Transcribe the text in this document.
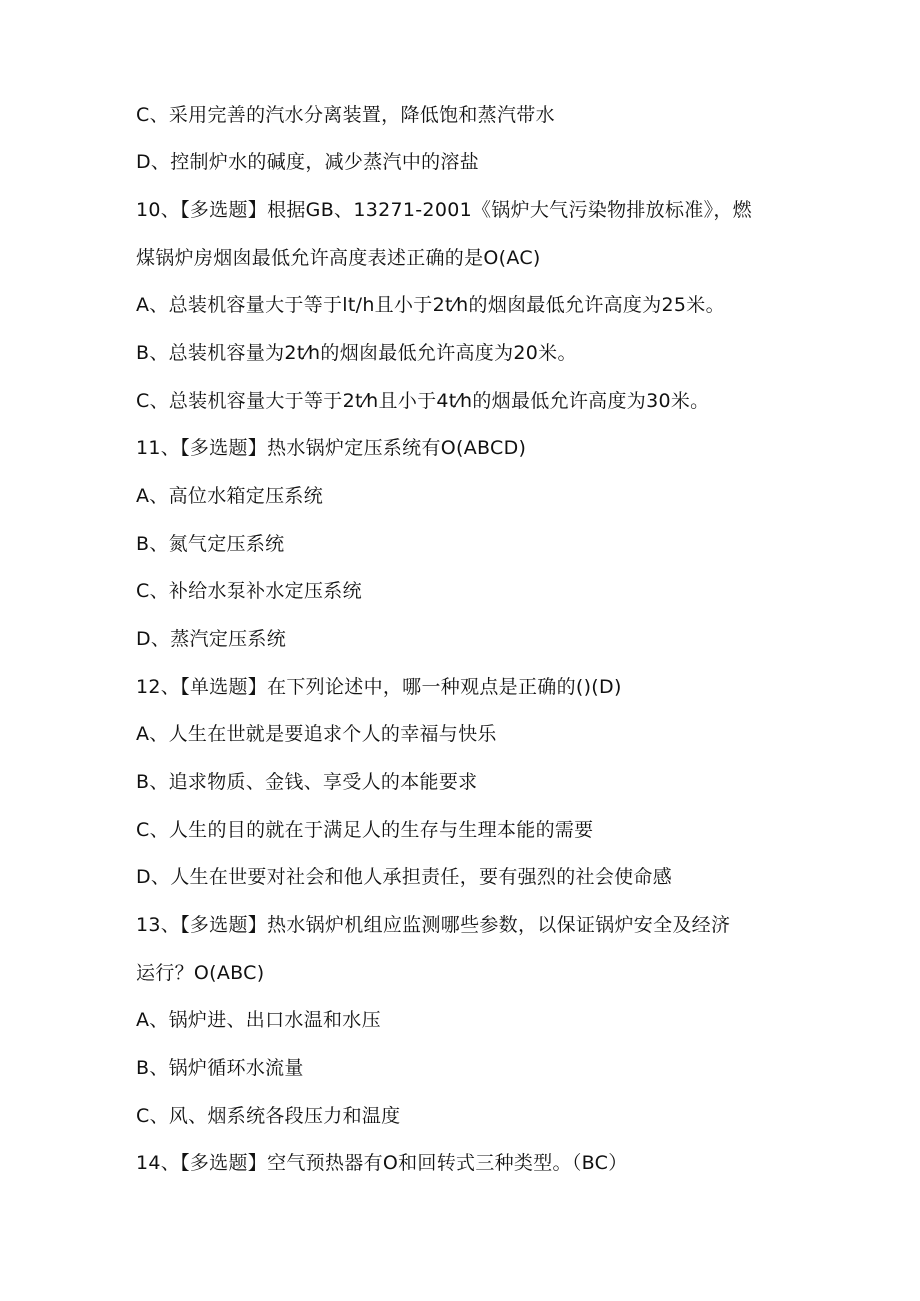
C、采用完善的汽水分离装置，降低饱和蒸汽带水
D、控制炉水的碱度，减少蒸汽中的溶盐
10、【多选题】根据GB、13271-2001《锅炉大气污染物排放标准》，燃
煤锅炉房烟囱最低允许高度表述正确的是O(AC)
A、总装机容量大于等于lt/h且小于2t⁄h的烟囱最低允许高度为25米。
B、总装机容量为2t⁄h的烟囱最低允许高度为20米。
C、总装机容量大于等于2t⁄h且小于4t⁄h的烟最低允许高度为30米。
11、【多选题】热水锅炉定压系统有O(ABCD)
A、高位水箱定压系统
B、氮气定压系统
C、补给水泵补水定压系统
D、蒸汽定压系统
12、【单选题】在下列论述中，哪一种观点是正确的()(D)
A、人生在世就是要追求个人的幸福与快乐
B、追求物质、金钱、享受人的本能要求
C、人生的目的就在于满足人的生存与生理本能的需要
D、人生在世要对社会和他人承担责任，要有强烈的社会使命感
13、【多选题】热水锅炉机组应监测哪些参数，以保证锅炉安全及经济
运行？O(ABC)
A、锅炉进、出口水温和水压
B、锅炉循环水流量
C、风、烟系统各段压力和温度
14、【多选题】空气预热器有O和回转式三种类型。（BC）
